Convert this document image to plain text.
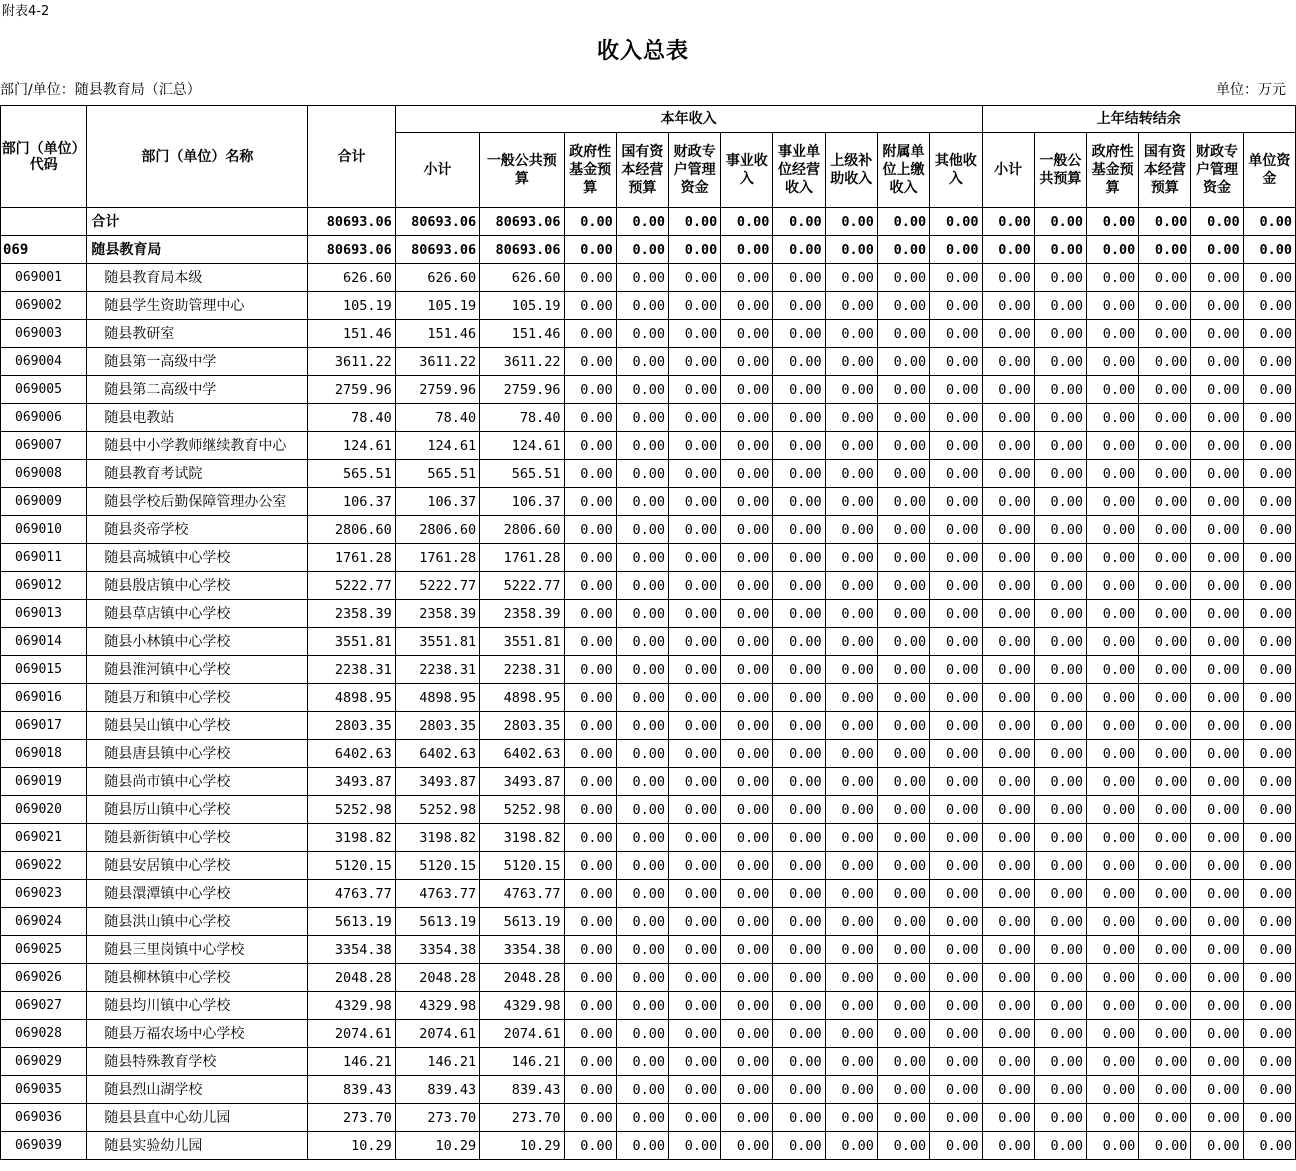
附表4-2
收入总表
部门/单位：随县教育局（汇总）	单位：万元
部门（单位）代码	部门（单位）名称	合计	本年收入										上年结转结余					
			小计	一般公共预算	政府性基金预算	国有资本经营预算	财政专户管理资金	事业收入	事业单位经营收入	上级补助收入	附属单位上缴收入	其他收入	小计	一般公共预算	政府性基金预算	国有资本经营预算	财政专户管理资金	单位资金
	合计	80693.06	80693.06	80693.06	0.00	0.00	0.00	0.00	0.00	0.00	0.00	0.00	0.00	0.00	0.00	0.00	0.00	0.00
069	随县教育局	80693.06	80693.06	80693.06	0.00	0.00	0.00	0.00	0.00	0.00	0.00	0.00	0.00	0.00	0.00	0.00	0.00	0.00
069001	随县教育局本级	626.60	626.60	626.60	0.00	0.00	0.00	0.00	0.00	0.00	0.00	0.00	0.00	0.00	0.00	0.00	0.00	0.00
069002	随县学生资助管理中心	105.19	105.19	105.19	0.00	0.00	0.00	0.00	0.00	0.00	0.00	0.00	0.00	0.00	0.00	0.00	0.00	0.00
069003	随县教研室	151.46	151.46	151.46	0.00	0.00	0.00	0.00	0.00	0.00	0.00	0.00	0.00	0.00	0.00	0.00	0.00	0.00
069004	随县第一高级中学	3611.22	3611.22	3611.22	0.00	0.00	0.00	0.00	0.00	0.00	0.00	0.00	0.00	0.00	0.00	0.00	0.00	0.00
069005	随县第二高级中学	2759.96	2759.96	2759.96	0.00	0.00	0.00	0.00	0.00	0.00	0.00	0.00	0.00	0.00	0.00	0.00	0.00	0.00
069006	随县电教站	78.40	78.40	78.40	0.00	0.00	0.00	0.00	0.00	0.00	0.00	0.00	0.00	0.00	0.00	0.00	0.00	0.00
069007	随县中小学教师继续教育中心	124.61	124.61	124.61	0.00	0.00	0.00	0.00	0.00	0.00	0.00	0.00	0.00	0.00	0.00	0.00	0.00	0.00
069008	随县教育考试院	565.51	565.51	565.51	0.00	0.00	0.00	0.00	0.00	0.00	0.00	0.00	0.00	0.00	0.00	0.00	0.00	0.00
069009	随县学校后勤保障管理办公室	106.37	106.37	106.37	0.00	0.00	0.00	0.00	0.00	0.00	0.00	0.00	0.00	0.00	0.00	0.00	0.00	0.00
069010	随县炎帝学校	2806.60	2806.60	2806.60	0.00	0.00	0.00	0.00	0.00	0.00	0.00	0.00	0.00	0.00	0.00	0.00	0.00	0.00
069011	随县高城镇中心学校	1761.28	1761.28	1761.28	0.00	0.00	0.00	0.00	0.00	0.00	0.00	0.00	0.00	0.00	0.00	0.00	0.00	0.00
069012	随县殷店镇中心学校	5222.77	5222.77	5222.77	0.00	0.00	0.00	0.00	0.00	0.00	0.00	0.00	0.00	0.00	0.00	0.00	0.00	0.00
069013	随县草店镇中心学校	2358.39	2358.39	2358.39	0.00	0.00	0.00	0.00	0.00	0.00	0.00	0.00	0.00	0.00	0.00	0.00	0.00	0.00
069014	随县小林镇中心学校	3551.81	3551.81	3551.81	0.00	0.00	0.00	0.00	0.00	0.00	0.00	0.00	0.00	0.00	0.00	0.00	0.00	0.00
069015	随县淮河镇中心学校	2238.31	2238.31	2238.31	0.00	0.00	0.00	0.00	0.00	0.00	0.00	0.00	0.00	0.00	0.00	0.00	0.00	0.00
069016	随县万和镇中心学校	4898.95	4898.95	4898.95	0.00	0.00	0.00	0.00	0.00	0.00	0.00	0.00	0.00	0.00	0.00	0.00	0.00	0.00
069017	随县吴山镇中心学校	2803.35	2803.35	2803.35	0.00	0.00	0.00	0.00	0.00	0.00	0.00	0.00	0.00	0.00	0.00	0.00	0.00	0.00
069018	随县唐县镇中心学校	6402.63	6402.63	6402.63	0.00	0.00	0.00	0.00	0.00	0.00	0.00	0.00	0.00	0.00	0.00	0.00	0.00	0.00
069019	随县尚市镇中心学校	3493.87	3493.87	3493.87	0.00	0.00	0.00	0.00	0.00	0.00	0.00	0.00	0.00	0.00	0.00	0.00	0.00	0.00
069020	随县厉山镇中心学校	5252.98	5252.98	5252.98	0.00	0.00	0.00	0.00	0.00	0.00	0.00	0.00	0.00	0.00	0.00	0.00	0.00	0.00
069021	随县新街镇中心学校	3198.82	3198.82	3198.82	0.00	0.00	0.00	0.00	0.00	0.00	0.00	0.00	0.00	0.00	0.00	0.00	0.00	0.00
069022	随县安居镇中心学校	5120.15	5120.15	5120.15	0.00	0.00	0.00	0.00	0.00	0.00	0.00	0.00	0.00	0.00	0.00	0.00	0.00	0.00
069023	随县澴潭镇中心学校	4763.77	4763.77	4763.77	0.00	0.00	0.00	0.00	0.00	0.00	0.00	0.00	0.00	0.00	0.00	0.00	0.00	0.00
069024	随县洪山镇中心学校	5613.19	5613.19	5613.19	0.00	0.00	0.00	0.00	0.00	0.00	0.00	0.00	0.00	0.00	0.00	0.00	0.00	0.00
069025	随县三里岗镇中心学校	3354.38	3354.38	3354.38	0.00	0.00	0.00	0.00	0.00	0.00	0.00	0.00	0.00	0.00	0.00	0.00	0.00	0.00
069026	随县柳林镇中心学校	2048.28	2048.28	2048.28	0.00	0.00	0.00	0.00	0.00	0.00	0.00	0.00	0.00	0.00	0.00	0.00	0.00	0.00
069027	随县均川镇中心学校	4329.98	4329.98	4329.98	0.00	0.00	0.00	0.00	0.00	0.00	0.00	0.00	0.00	0.00	0.00	0.00	0.00	0.00
069028	随县万福农场中心学校	2074.61	2074.61	2074.61	0.00	0.00	0.00	0.00	0.00	0.00	0.00	0.00	0.00	0.00	0.00	0.00	0.00	0.00
069029	随县特殊教育学校	146.21	146.21	146.21	0.00	0.00	0.00	0.00	0.00	0.00	0.00	0.00	0.00	0.00	0.00	0.00	0.00	0.00
069035	随县烈山湖学校	839.43	839.43	839.43	0.00	0.00	0.00	0.00	0.00	0.00	0.00	0.00	0.00	0.00	0.00	0.00	0.00	0.00
069036	随县县直中心幼儿园	273.70	273.70	273.70	0.00	0.00	0.00	0.00	0.00	0.00	0.00	0.00	0.00	0.00	0.00	0.00	0.00	0.00
069039	随县实验幼儿园	10.29	10.29	10.29	0.00	0.00	0.00	0.00	0.00	0.00	0.00	0.00	0.00	0.00	0.00	0.00	0.00	0.00
